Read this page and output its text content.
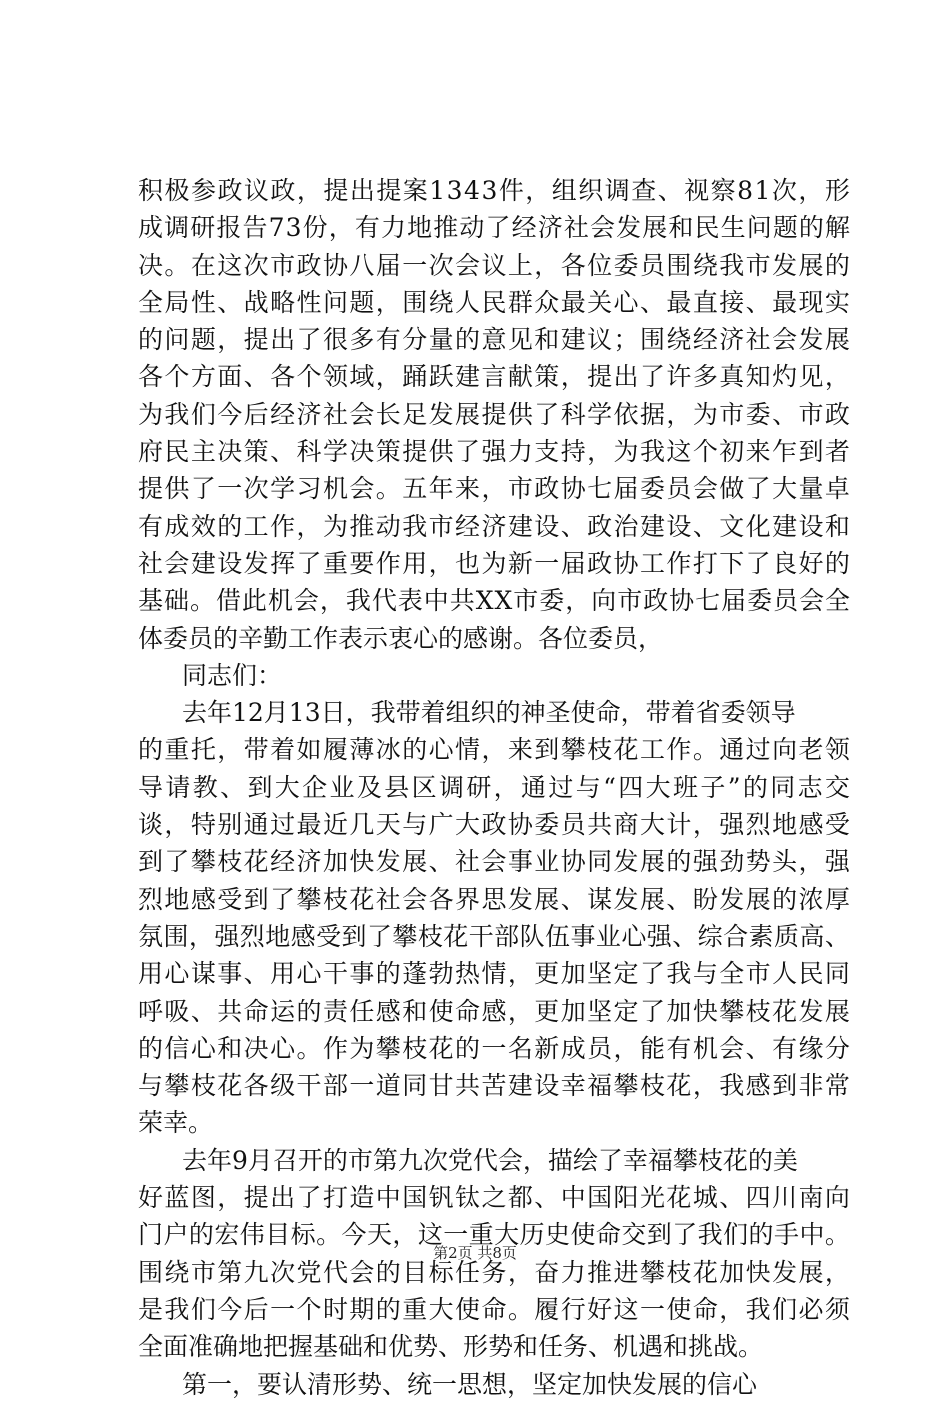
积极参政议政，提出提案1343件，组织调查、视察81次，形
成调研报告73份，有力地推动了经济社会发展和民生问题的解
决。在这次市政协八届一次会议上，各位委员围绕我市发展的
全局性、战略性问题，围绕人民群众最关心、最直接、最现实
的问题，提出了很多有分量的意见和建议；围绕经济社会发展
各个方面、各个领域，踊跃建言献策，提出了许多真知灼见，
为我们今后经济社会长足发展提供了科学依据，为市委、市政
府民主决策、科学决策提供了强力支持，为我这个初来乍到者
提供了一次学习机会。五年来，市政协七届委员会做了大量卓
有成效的工作，为推动我市经济建设、政治建设、文化建设和
社会建设发挥了重要作用，也为新一届政协工作打下了良好的
基础。借此机会，我代表中共XX市委，向市政协七届委员会全
体委员的辛勤工作表示衷心的感谢。各位委员，
同志们：
去年12月13日，我带着组织的神圣使命，带着省委领导
的重托，带着如履薄冰的心情，来到攀枝花工作。通过向老领
导请教、到大企业及县区调研，通过与“四大班子”的同志交
谈，特别通过最近几天与广大政协委员共商大计，强烈地感受
到了攀枝花经济加快发展、社会事业协同发展的强劲势头，强
烈地感受到了攀枝花社会各界思发展、谋发展、盼发展的浓厚
氛围，强烈地感受到了攀枝花干部队伍事业心强、综合素质高、
用心谋事、用心干事的蓬勃热情，更加坚定了我与全市人民同
呼吸、共命运的责任感和使命感，更加坚定了加快攀枝花发展
的信心和决心。作为攀枝花的一名新成员，能有机会、有缘分
与攀枝花各级干部一道同甘共苦建设幸福攀枝花，我感到非常
荣幸。
去年9月召开的市第九次党代会，描绘了幸福攀枝花的美
好蓝图，提出了打造中国钒钛之都、中国阳光花城、四川南向
门户的宏伟目标。今天，这一重大历史使命交到了我们的手中。
围绕市第九次党代会的目标任务，奋力推进攀枝花加快发展，
是我们今后一个时期的重大使命。履行好这一使命，我们必须
全面准确地把握基础和优势、形势和任务、机遇和挑战。
第一，要认清形势、统一思想，坚定加快发展的信心
第2页 共8页
